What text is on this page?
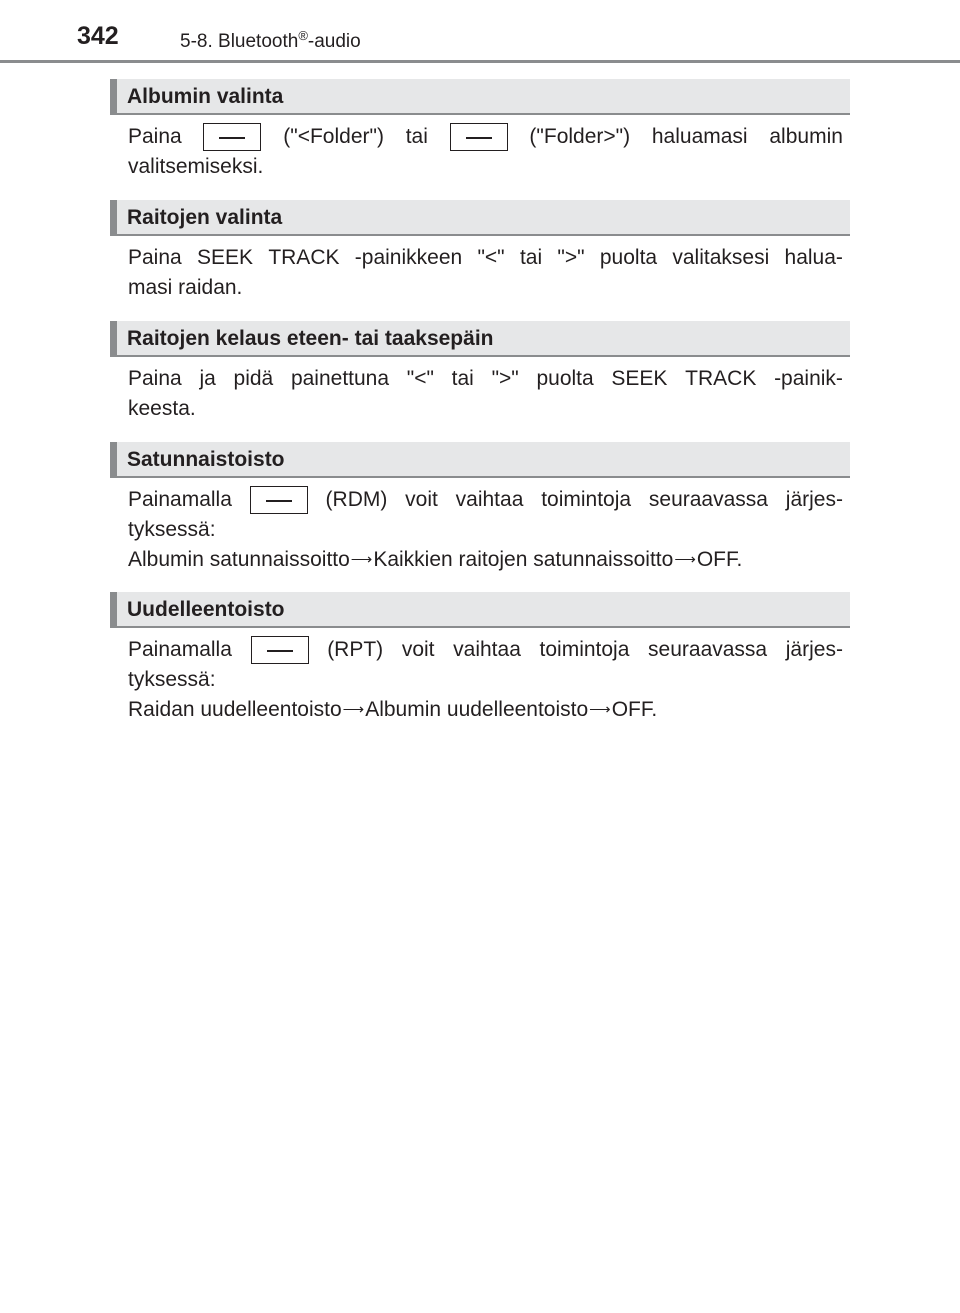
342	5-8. Bluetooth®-audio
Albumin valinta
Paina	("<Folder") tai	("Folder>") haluamasi albumin
valitsemiseksi.
Raitojen valinta
Paina SEEK TRACK -painikkeen "<" tai ">" puolta valitaksesi halua-
masi raidan.
Raitojen kelaus eteen- tai taaksepäin
Paina ja pidä painettuna "<" tai ">" puolta SEEK TRACK -painik-
keesta.
Satunnaistoisto
Painamalla	(RDM) voit vaihtaa toimintoja seuraavassa järjes-
tyksessä:
Albumin satunnaissoitto⟶Kaikkien raitojen satunnaissoitto⟶OFF.
Uudelleentoisto
Painamalla	(RPT) voit vaihtaa toimintoja seuraavassa järjes-
tyksessä:
Raidan uudelleentoisto⟶Albumin uudelleentoisto⟶OFF.
